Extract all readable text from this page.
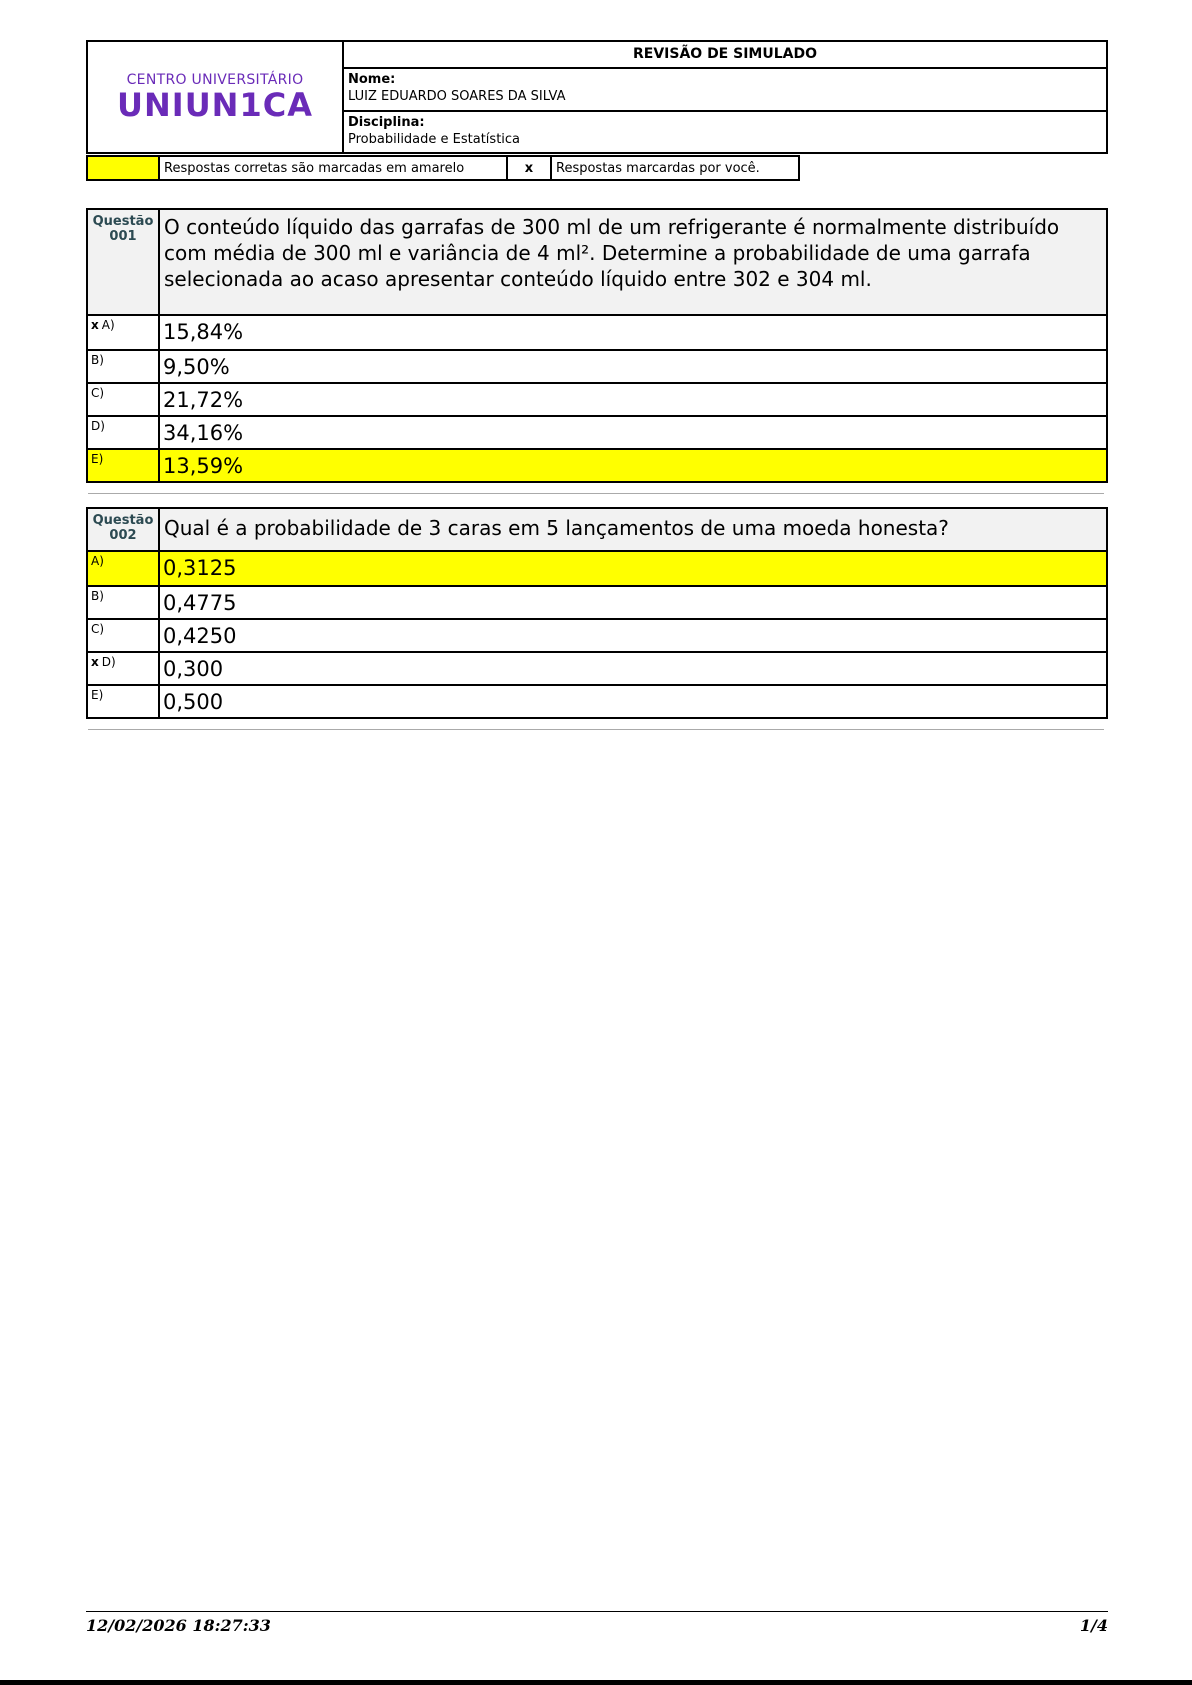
CENTRO UNIVERSITÁRIO
UNIUN1CA
REVISÃO DE SIMULADO
Nome:
LUIZ EDUARDO SOARES DA SILVA
Disciplina:
Probabilidade e Estatística
Respostas corretas são marcadas em amarelo	x	Respostas marcardas por você.
Questão
001	O conteúdo líquido das garrafas de 300 ml de um refrigerante é normalmente distribuído com média de 300 ml e variância de 4 ml². Determine a probabilidade de uma garrafa selecionada ao acaso apresentar conteúdo líquido entre 302 e 304 ml.
x A)	15,84%
B)	9,50%
C)	21,72%
D)	34,16%
E)	13,59%
Questão
002	Qual é a probabilidade de 3 caras em 5 lançamentos de uma moeda honesta?
A)	0,3125
B)	0,4775
C)	0,4250
x D)	0,300
E)	0,500
12/02/2026 18:27:33	1/4
